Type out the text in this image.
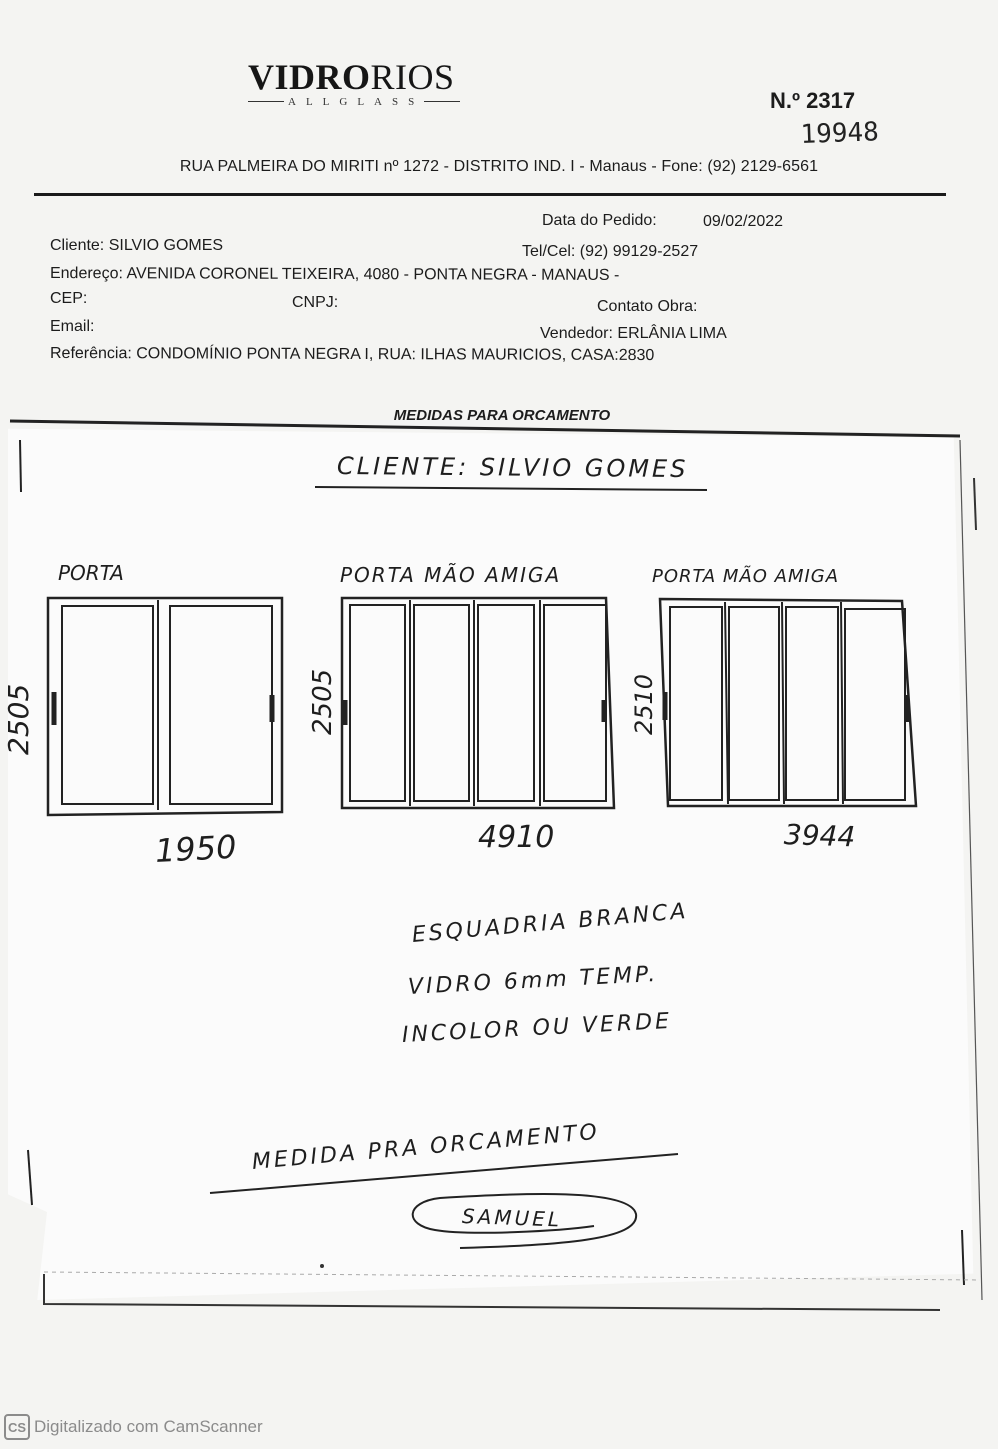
VIDRORIOS
ALLGLASS	N.º 2317
19948
RUA PALMEIRA DO MIRITI nº 1272 - DISTRITO IND. I - Manaus - Fone: (92) 2129-6561
Data do Pedido:	09/02/2022
Cliente: SILVIO GOMES	Tel/Cel: (92) 99129-2527
Endereço: AVENIDA CORONEL TEIXEIRA, 4080 - PONTA NEGRA - MANAUS -
CEP:	CNPJ:	Contato Obra:
Email:	Vendedor: ERLÂNIA LIMA
Referência: CONDOMÍNIO PONTA NEGRA I, RUA: ILHAS MAURICIOS, CASA:2830
MEDIDAS PARA ORCAMENTO
CLIENTE: SILVIO GOMES
PORTA	PORTA MÃO AMIGA	PORTA MÃO AMIGA
2505	2505	2510
1950	4910	3944
ESQUADRIA BRANCA
VIDRO 6mm TEMP.
INCOLOR OU VERDE
MEDIDA PRA ORCAMENTO
SAMUEL
CS Digitalizado com CamScanner
